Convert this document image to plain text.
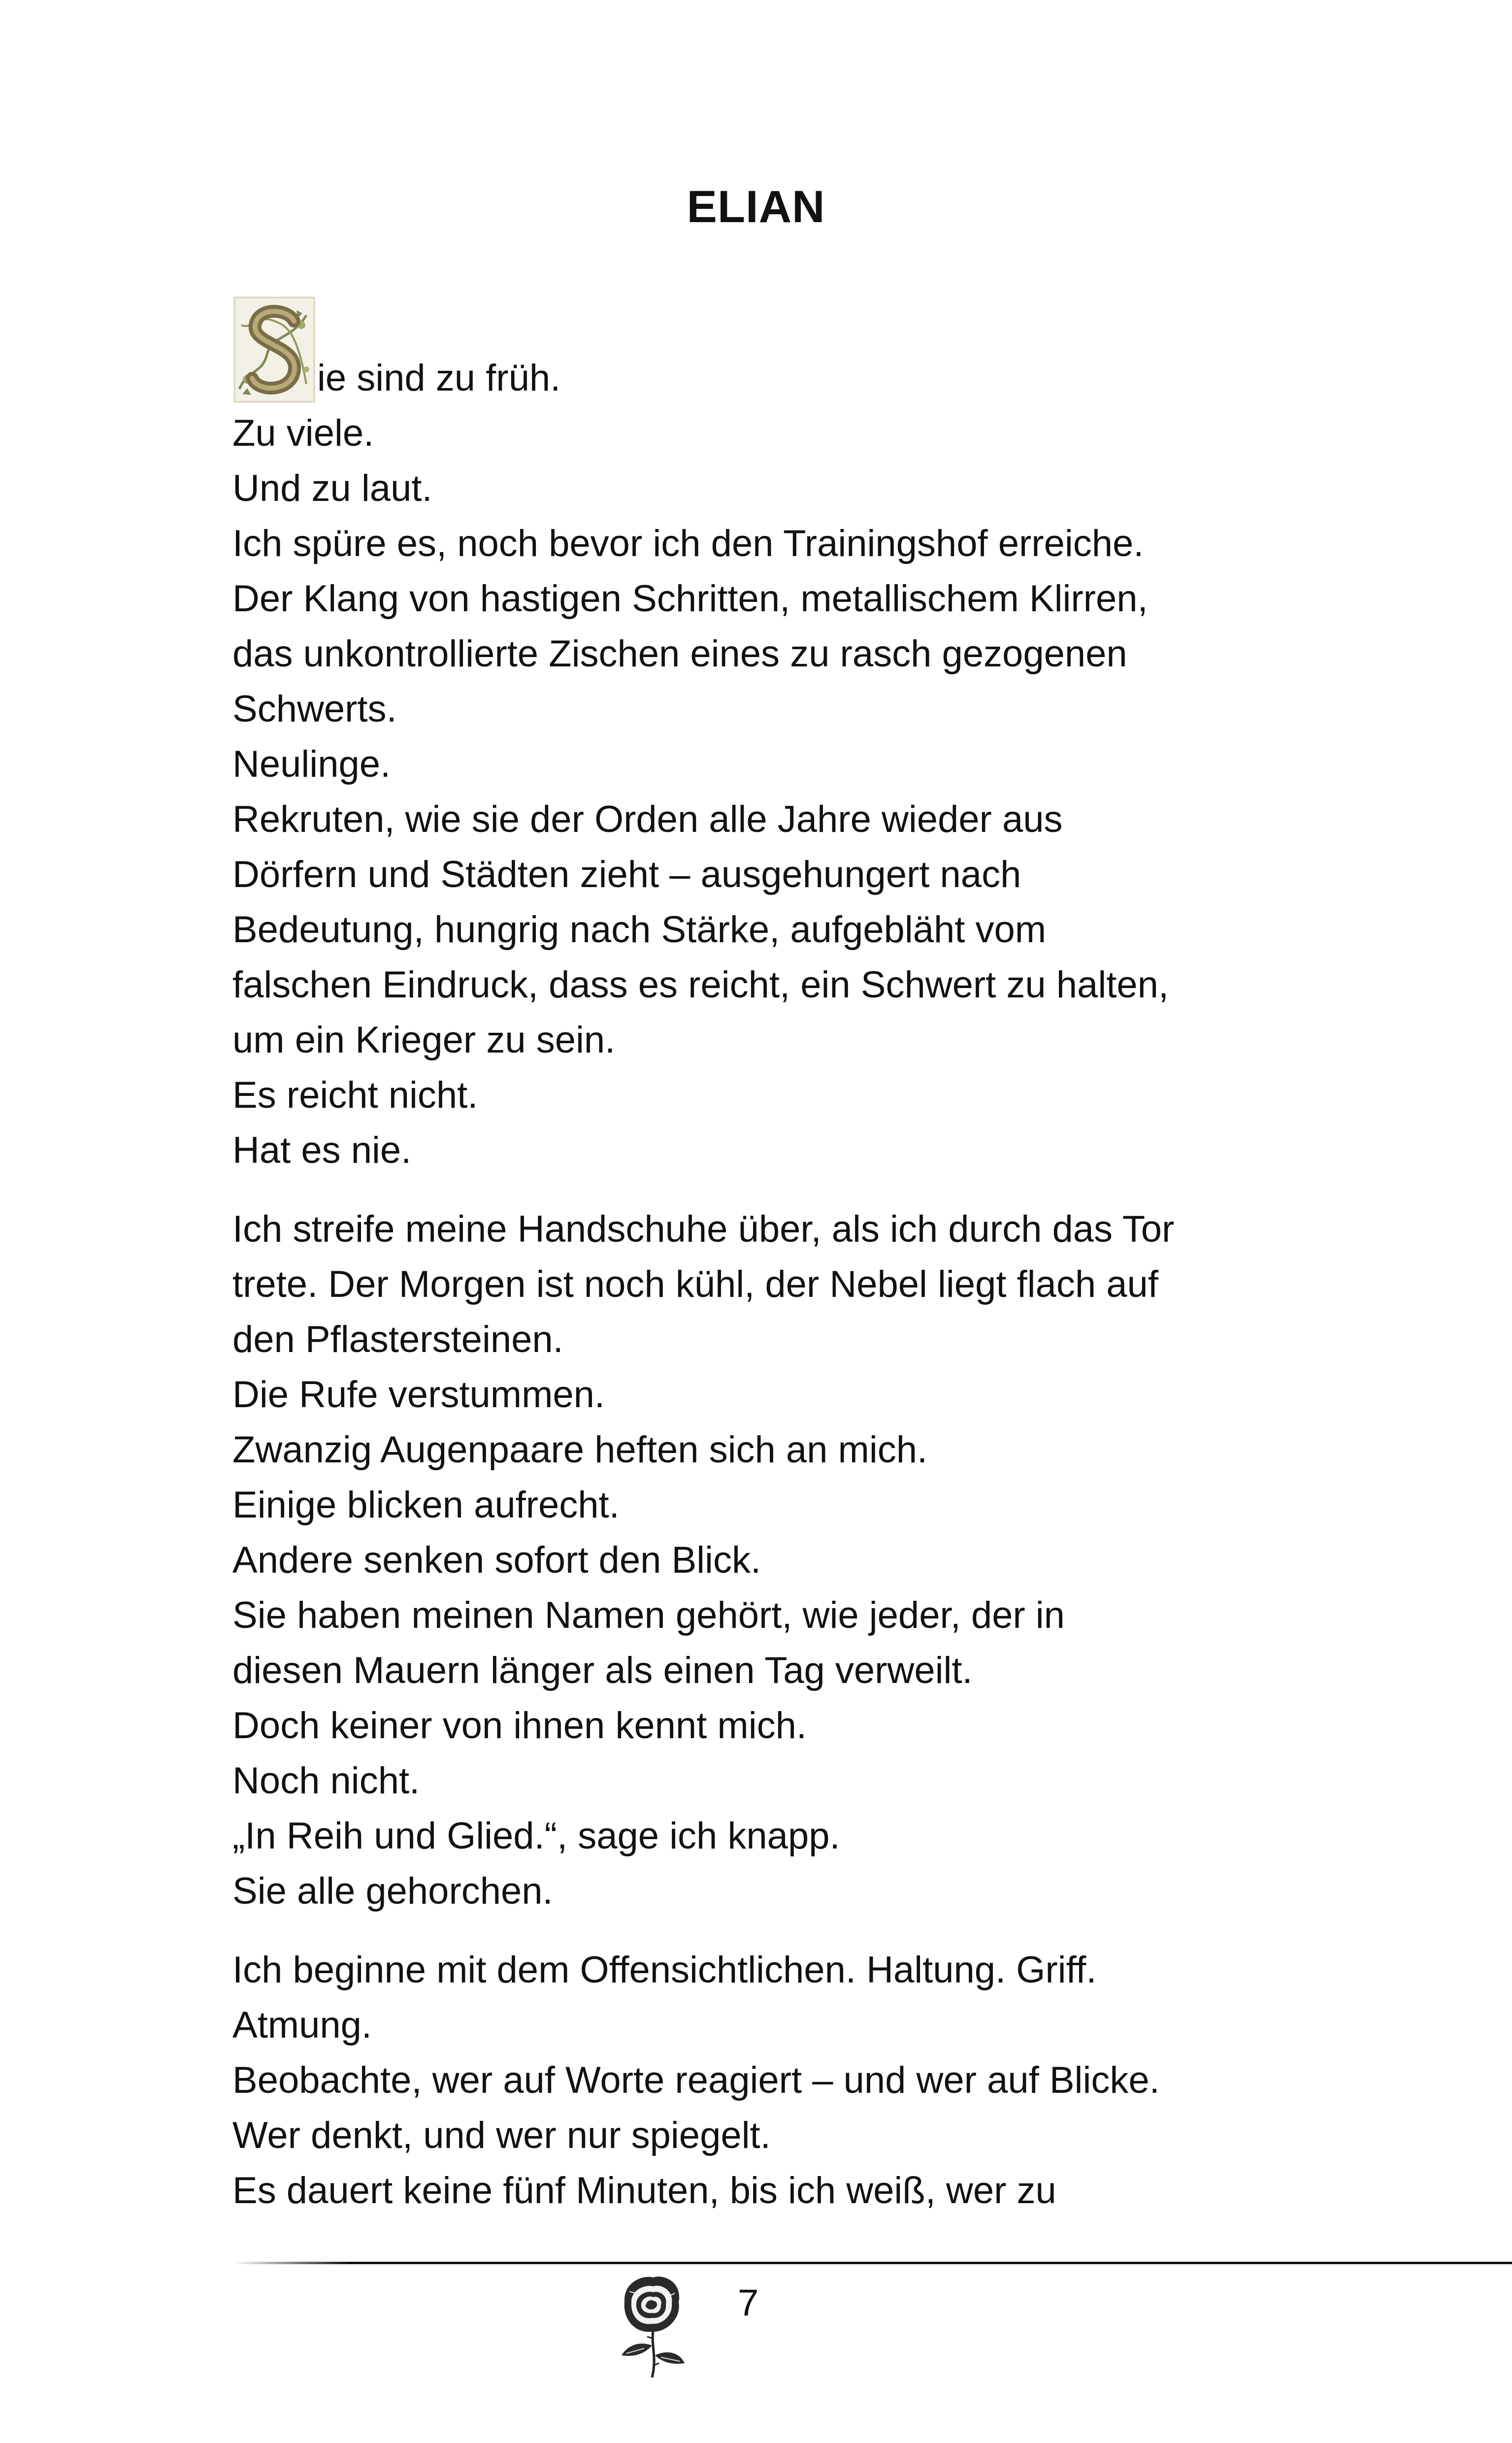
ELIAN
ie sind zu früh.
Zu viele.
Und zu laut.
Ich spüre es, noch bevor ich den Trainingshof erreiche.
Der Klang von hastigen Schritten, metallischem Klirren,
das unkontrollierte Zischen eines zu rasch gezogenen
Schwerts.
Neulinge.
Rekruten, wie sie der Orden alle Jahre wieder aus
Dörfern und Städten zieht – ausgehungert nach
Bedeutung, hungrig nach Stärke, aufgebläht vom
falschen Eindruck, dass es reicht, ein Schwert zu halten,
um ein Krieger zu sein.
Es reicht nicht.
Hat es nie.
Ich streife meine Handschuhe über, als ich durch das Tor
trete. Der Morgen ist noch kühl, der Nebel liegt flach auf
den Pflastersteinen.
Die Rufe verstummen.
Zwanzig Augenpaare heften sich an mich.
Einige blicken aufrecht.
Andere senken sofort den Blick.
Sie haben meinen Namen gehört, wie jeder, der in
diesen Mauern länger als einen Tag verweilt.
Doch keiner von ihnen kennt mich.
Noch nicht.
„In Reih und Glied.“, sage ich knapp.
Sie alle gehorchen.
Ich beginne mit dem Offensichtlichen. Haltung. Griff.
Atmung.
Beobachte, wer auf Worte reagiert – und wer auf Blicke.
Wer denkt, und wer nur spiegelt.
Es dauert keine fünf Minuten, bis ich weiß, wer zu
7
